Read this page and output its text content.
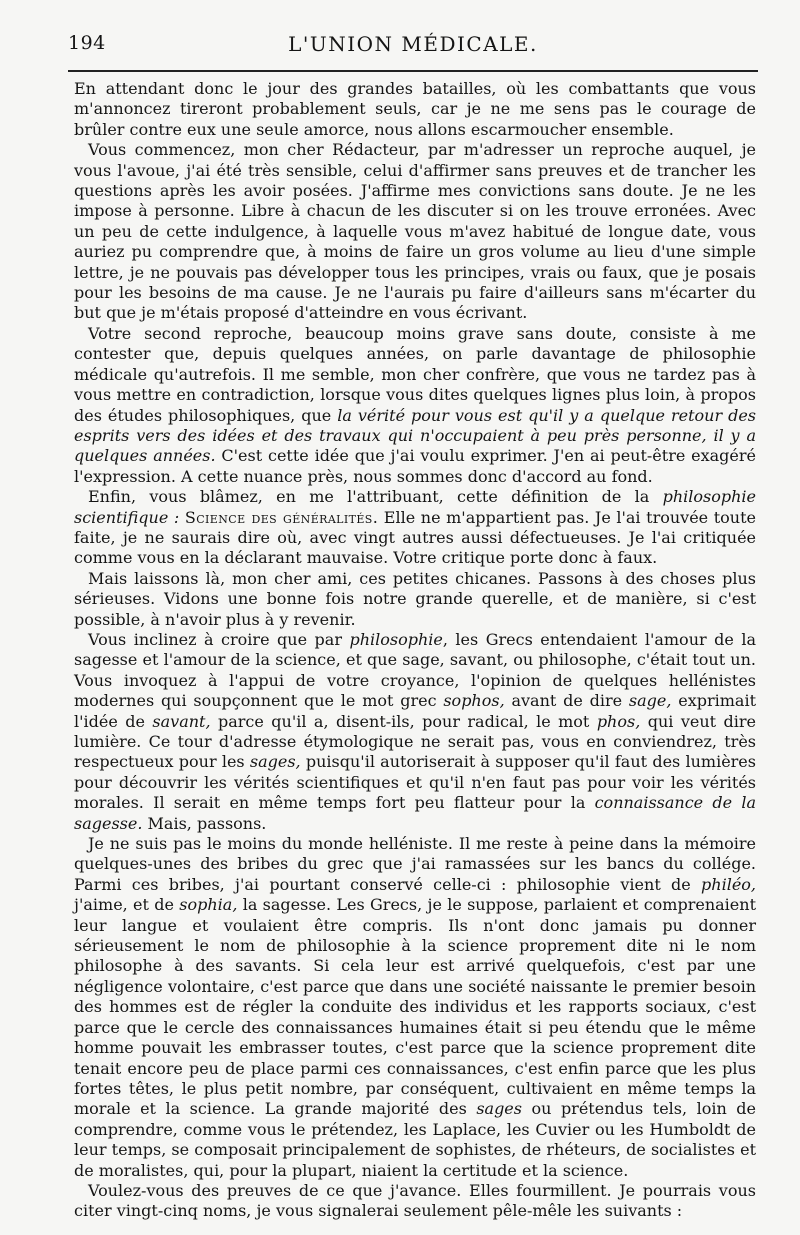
194	L'UNION MÉDICALE.

En attendant donc le jour des grandes batailles, où les combattants que vous m'annoncez tireront probablement seuls, car je ne me sens pas le courage de brûler contre eux une seule amorce, nous allons escarmoucher ensemble.

Vous commencez, mon cher Rédacteur, par m'adresser un reproche auquel, je vous l'avoue, j'ai été très sensible, celui d'affirmer sans preuves et de trancher les questions après les avoir posées. J'affirme mes convictions sans doute. Je ne les impose à personne. Libre à chacun de les discuter si on les trouve erronées. Avec un peu de cette indulgence, à laquelle vous m'avez habitué de longue date, vous auriez pu comprendre que, à moins de faire un gros volume au lieu d'une simple lettre, je ne pouvais pas développer tous les principes, vrais ou faux, que je posais pour les besoins de ma cause. Je ne l'aurais pu faire d'ailleurs sans m'écarter du but que je m'étais proposé d'atteindre en vous écrivant.

Votre second reproche, beaucoup moins grave sans doute, consiste à me contester que, depuis quelques années, on parle davantage de philosophie médicale qu'autrefois. Il me semble, mon cher confrère, que vous ne tardez pas à vous mettre en contradiction, lorsque vous dites quelques lignes plus loin, à propos des études philosophiques, que la vérité pour vous est qu'il y a quelque retour des esprits vers des idées et des travaux qui n'occupaient à peu près personne, il y a quelques années. C'est cette idée que j'ai voulu exprimer. J'en ai peut-être exagéré l'expression. A cette nuance près, nous sommes donc d'accord au fond.

Enfin, vous blâmez, en me l'attribuant, cette définition de la philosophie scientifique : Science des généralités. Elle ne m'appartient pas. Je l'ai trouvée toute faite, je ne saurais dire où, avec vingt autres aussi défectueuses. Je l'ai critiquée comme vous en la déclarant mauvaise. Votre critique porte donc à faux.

Mais laissons là, mon cher ami, ces petites chicanes. Passons à des choses plus sérieuses. Vidons une bonne fois notre grande querelle, et de manière, si c'est possible, à n'avoir plus à y revenir.

Vous inclinez à croire que par philosophie, les Grecs entendaient l'amour de la sagesse et l'amour de la science, et que sage, savant, ou philosophe, c'était tout un. Vous invoquez à l'appui de votre croyance, l'opinion de quelques hellénistes modernes qui soupçonnent que le mot grec sophos, avant de dire sage, exprimait l'idée de savant, parce qu'il a, disent-ils, pour radical, le mot phos, qui veut dire lumière. Ce tour d'adresse étymologique ne serait pas, vous en conviendrez, très respectueux pour les sages, puisqu'il autoriserait à supposer qu'il faut des lumières pour découvrir les vérités scientifiques et qu'il n'en faut pas pour voir les vérités morales. Il serait en même temps fort peu flatteur pour la connaissance de la sagesse. Mais, passons.

Je ne suis pas le moins du monde helléniste. Il me reste à peine dans la mémoire quelques-unes des bribes du grec que j'ai ramassées sur les bancs du collége. Parmi ces bribes, j'ai pourtant conservé celle-ci : philosophie vient de philéo, j'aime, et de sophia, la sagesse. Les Grecs, je le suppose, parlaient et comprenaient leur langue et voulaient être compris. Ils n'ont donc jamais pu donner sérieusement le nom de philosophie à la science proprement dite ni le nom philosophe à des savants. Si cela leur est arrivé quelquefois, c'est par une négligence volontaire, c'est parce que dans une société naissante le premier besoin des hommes est de régler la conduite des individus et les rapports sociaux, c'est parce que le cercle des connaissances humaines était si peu étendu que le même homme pouvait les embrasser toutes, c'est parce que la science proprement dite tenait encore peu de place parmi ces connaissances, c'est enfin parce que les plus fortes têtes, le plus petit nombre, par conséquent, cultivaient en même temps la morale et la science. La grande majorité des sages ou prétendus tels, loin de comprendre, comme vous le prétendez, les Laplace, les Cuvier ou les Humboldt de leur temps, se composait principalement de sophistes, de rhéteurs, de socialistes et de moralistes, qui, pour la plupart, niaient la certitude et la science.

Voulez-vous des preuves de ce que j'avance. Elles fourmillent. Je pourrais vous citer vingt-cinq noms, je vous signalerai seulement pêle-mêle les suivants :
